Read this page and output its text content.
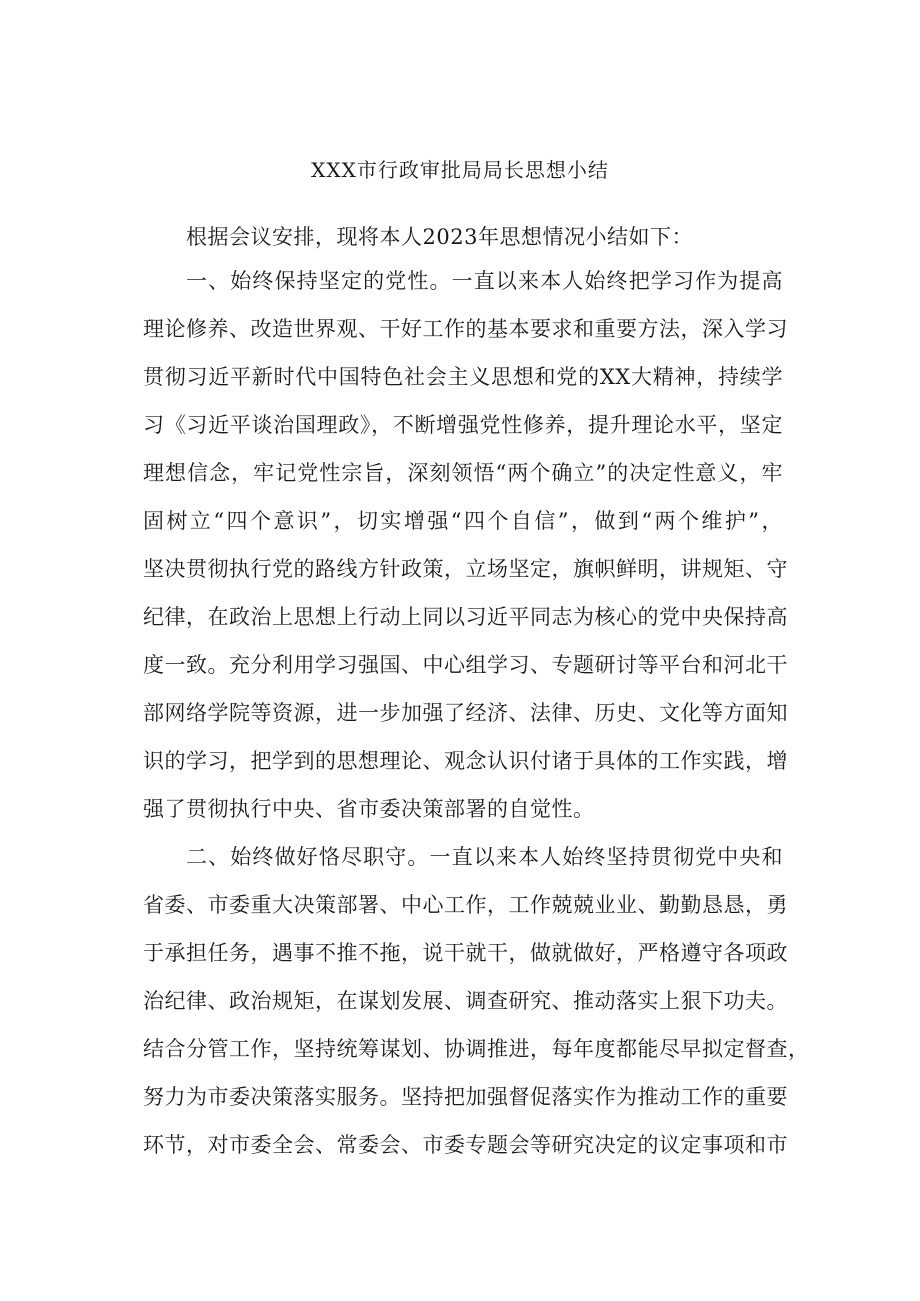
XXX市行政审批局局长思想小结
根据会议安排，现将本人2023年思想情况小结如下：
一、始终保持坚定的党性。一直以来本人始终把学习作为提高
理论修养、改造世界观、干好工作的基本要求和重要方法，深入学习
贯彻习近平新时代中国特色社会主义思想和党的XX大精神，持续学
习《习近平谈治国理政》，不断增强党性修养，提升理论水平，坚定
理想信念，牢记党性宗旨，深刻领悟“两个确立”的决定性意义，牢
固树立“四个意识”，切实增强“四个自信”，做到“两个维护”，
坚决贯彻执行党的路线方针政策，立场坚定，旗帜鲜明，讲规矩、守
纪律，在政治上思想上行动上同以习近平同志为核心的党中央保持高
度一致。充分利用学习强国、中心组学习、专题研讨等平台和河北干
部网络学院等资源，进一步加强了经济、法律、历史、文化等方面知
识的学习，把学到的思想理论、观念认识付诸于具体的工作实践，增
强了贯彻执行中央、省市委决策部署的自觉性。
二、始终做好恪尽职守。一直以来本人始终坚持贯彻党中央和
省委、市委重大决策部署、中心工作，工作兢兢业业、勤勤恳恳，勇
于承担任务，遇事不推不拖，说干就干，做就做好，严格遵守各项政
治纪律、政治规矩，在谋划发展、调查研究、推动落实上狠下功夫。
结合分管工作，坚持统筹谋划、协调推进，每年度都能尽早拟定督查，
努力为市委决策落实服务。坚持把加强督促落实作为推动工作的重要
环节，对市委全会、常委会、市委专题会等研究决定的议定事项和市
